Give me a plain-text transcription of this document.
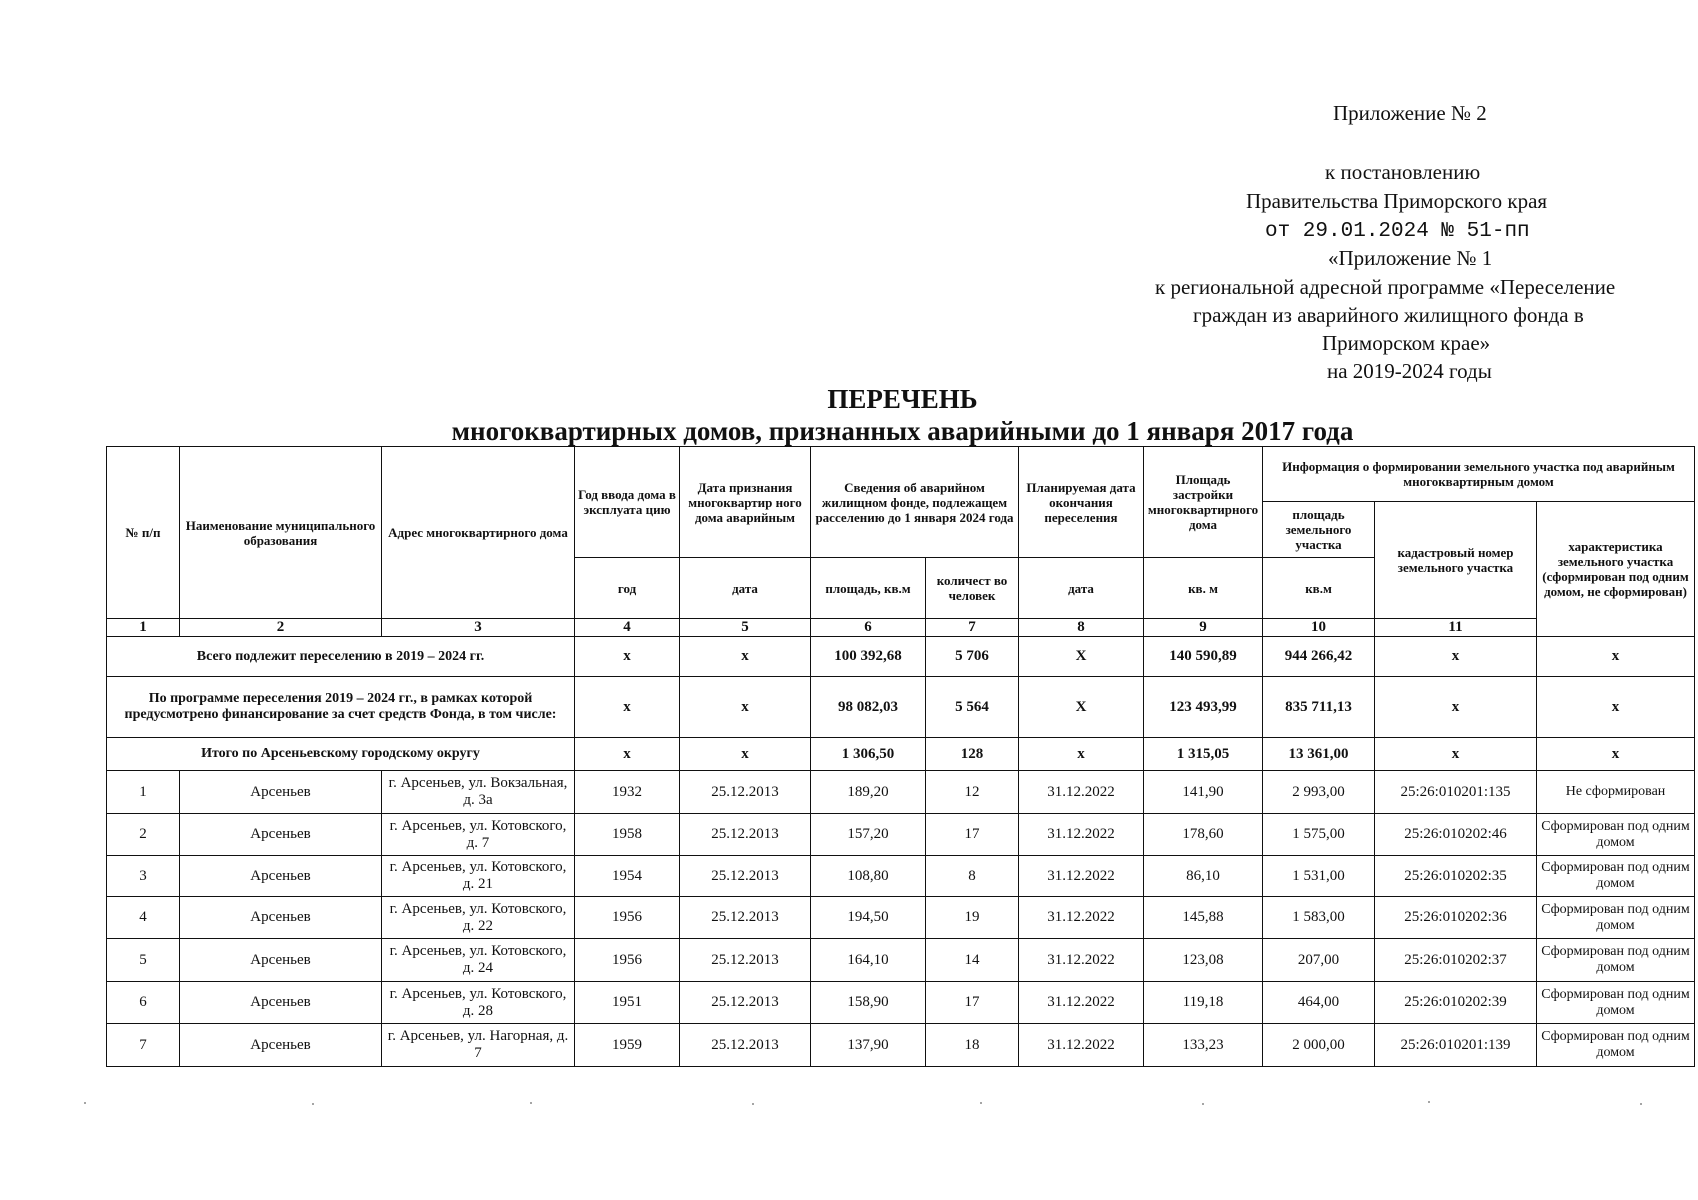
Приложение № 2
к постановлению
Правительства Приморского края
от 29.01.2024 № 51-пп
«Приложение № 1
к региональной адресной программе «Переселение
граждан из аварийного жилищного фонда в
Приморском крае»
на 2019-2024 годы
ПЕРЕЧЕНЬ
многоквартирных домов, признанных аварийными до 1 января 2017 года
№ п/п	Наименование муниципального образования	Адрес многоквартирного дома	Год ввода дома в эксплуата цию	Дата признания многоквартир ного дома аварийным	Сведения об аварийном жилищном фонде, подлежащем расселению до 1 января 2024 года		Планируемая дата окончания переселения	Площадь застройки многоквартирного дома	Информация о формировании земельного участка под аварийным многоквартирным домом		
									площадь земельного участка	кадастровый номер земельного участка	характеристика земельного участка (сформирован под одним домом, не сформирован)
			год	дата	площадь, кв.м	количест во человек	дата	кв. м	кв.м		
1	2	3	4	5	6	7	8	9	10	11	
Всего подлежит переселению в 2019 – 2024 гг.			x	x	100 392,68	5 706	X	140 590,89	944 266,42	x	x
По программе переселения 2019 – 2024 гг., в рамках которой предусмотрено финансирование за счет средств Фонда, в том числе:			x	x	98 082,03	5 564	X	123 493,99	835 711,13	x	x
Итого по Арсеньевскому городскому округу			x	x	1 306,50	128	x	1 315,05	13 361,00	x	x
1	Арсеньев	г. Арсеньев, ул. Вокзальная, д. 3а	1932	25.12.2013	189,20	12	31.12.2022	141,90	2 993,00	25:26:010201:135	Не сформирован
2	Арсеньев	г. Арсеньев, ул. Котовского, д. 7	1958	25.12.2013	157,20	17	31.12.2022	178,60	1 575,00	25:26:010202:46	Сформирован под одним домом
3	Арсеньев	г. Арсеньев, ул. Котовского, д. 21	1954	25.12.2013	108,80	8	31.12.2022	86,10	1 531,00	25:26:010202:35	Сформирован под одним домом
4	Арсеньев	г. Арсеньев, ул. Котовского, д. 22	1956	25.12.2013	194,50	19	31.12.2022	145,88	1 583,00	25:26:010202:36	Сформирован под одним домом
5	Арсеньев	г. Арсеньев, ул. Котовского, д. 24	1956	25.12.2013	164,10	14	31.12.2022	123,08	207,00	25:26:010202:37	Сформирован под одним домом
6	Арсеньев	г. Арсеньев, ул. Котовского, д. 28	1951	25.12.2013	158,90	17	31.12.2022	119,18	464,00	25:26:010202:39	Сформирован под одним домом
7	Арсеньев	г. Арсеньев, ул. Нагорная, д. 7	1959	25.12.2013	137,90	18	31.12.2022	133,23	2 000,00	25:26:010201:139	Сформирован под одним домом
